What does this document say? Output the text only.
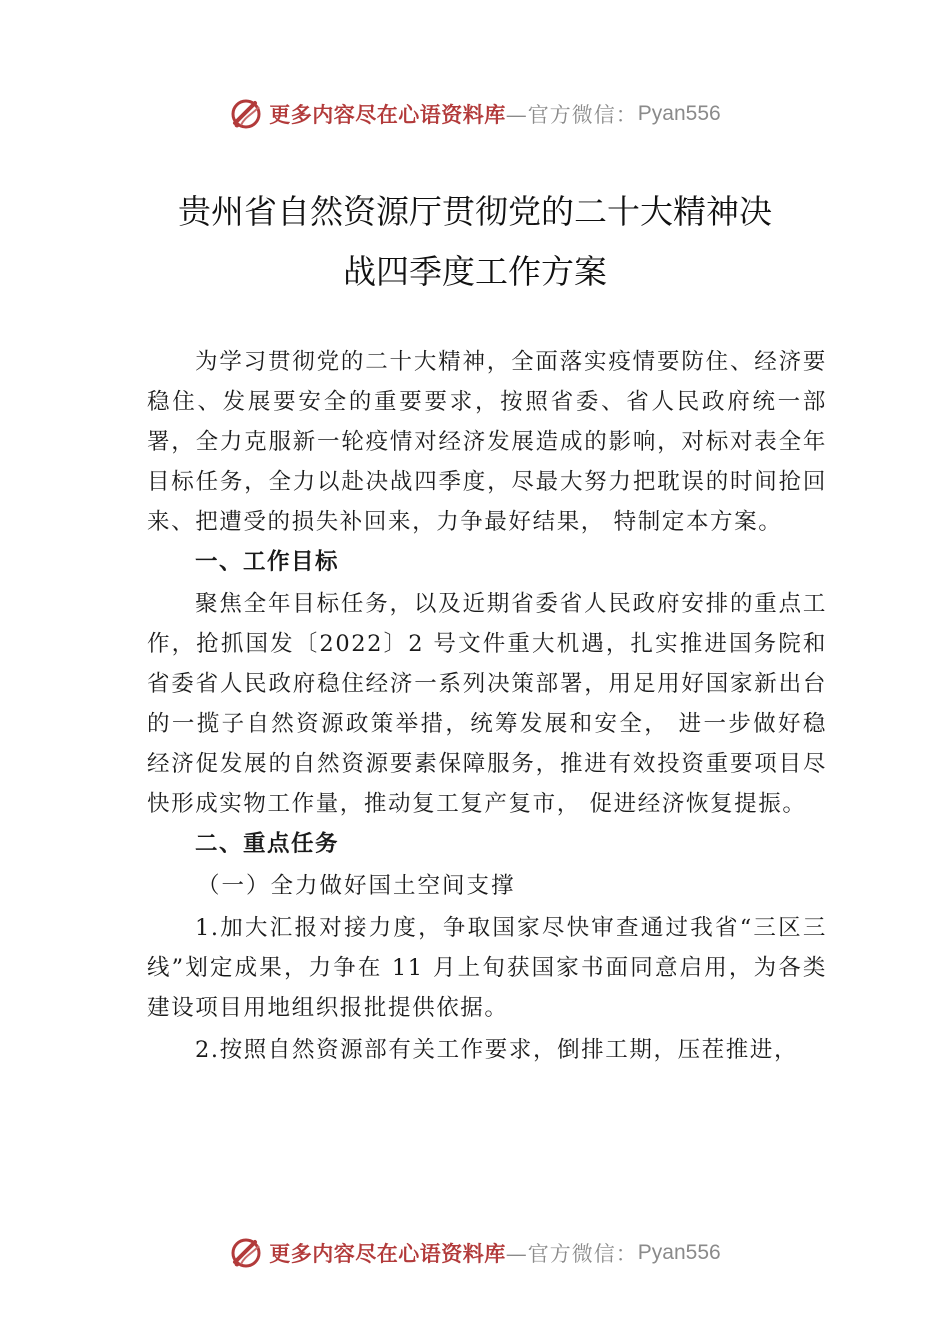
更多内容尽在心语资料库 —官方微信： Pyan556
贵州省自然资源厅贯彻党的二十大精神决
战四季度工作方案

为学习贯彻党的二十大精神，全面落实疫情要防住、经济要稳住、发展要安全的重要要求，按照省委、省人民政府统一部署，全力克服新一轮疫情对经济发展造成的影响，对标对表全年目标任务，全力以赴决战四季度，尽最大努力把耽误的时间抢回来、把遭受的损失补回来，力争最好结果， 特制定本方案。

一、工作目标

聚焦全年目标任务，以及近期省委省人民政府安排的重点工作，抢抓国发〔2022〕2 号文件重大机遇，扎实推进国务院和省委省人民政府稳住经济一系列决策部署，用足用好国家新出台的一揽子自然资源政策举措，统筹发展和安全， 进一步做好稳经济促发展的自然资源要素保障服务，推进有效投资重要项目尽快形成实物工作量，推动复工复产复市， 促进经济恢复提振。

二、重点任务

（一）全力做好国土空间支撑

1.加大汇报对接力度，争取国家尽快审查通过我省“三区三线”划定成果，力争在 11 月上旬获国家书面同意启用，为各类建设项目用地组织报批提供依据。

2.按照自然资源部有关工作要求，倒排工期，压茬推进，

更多内容尽在心语资料库 —官方微信： Pyan556
